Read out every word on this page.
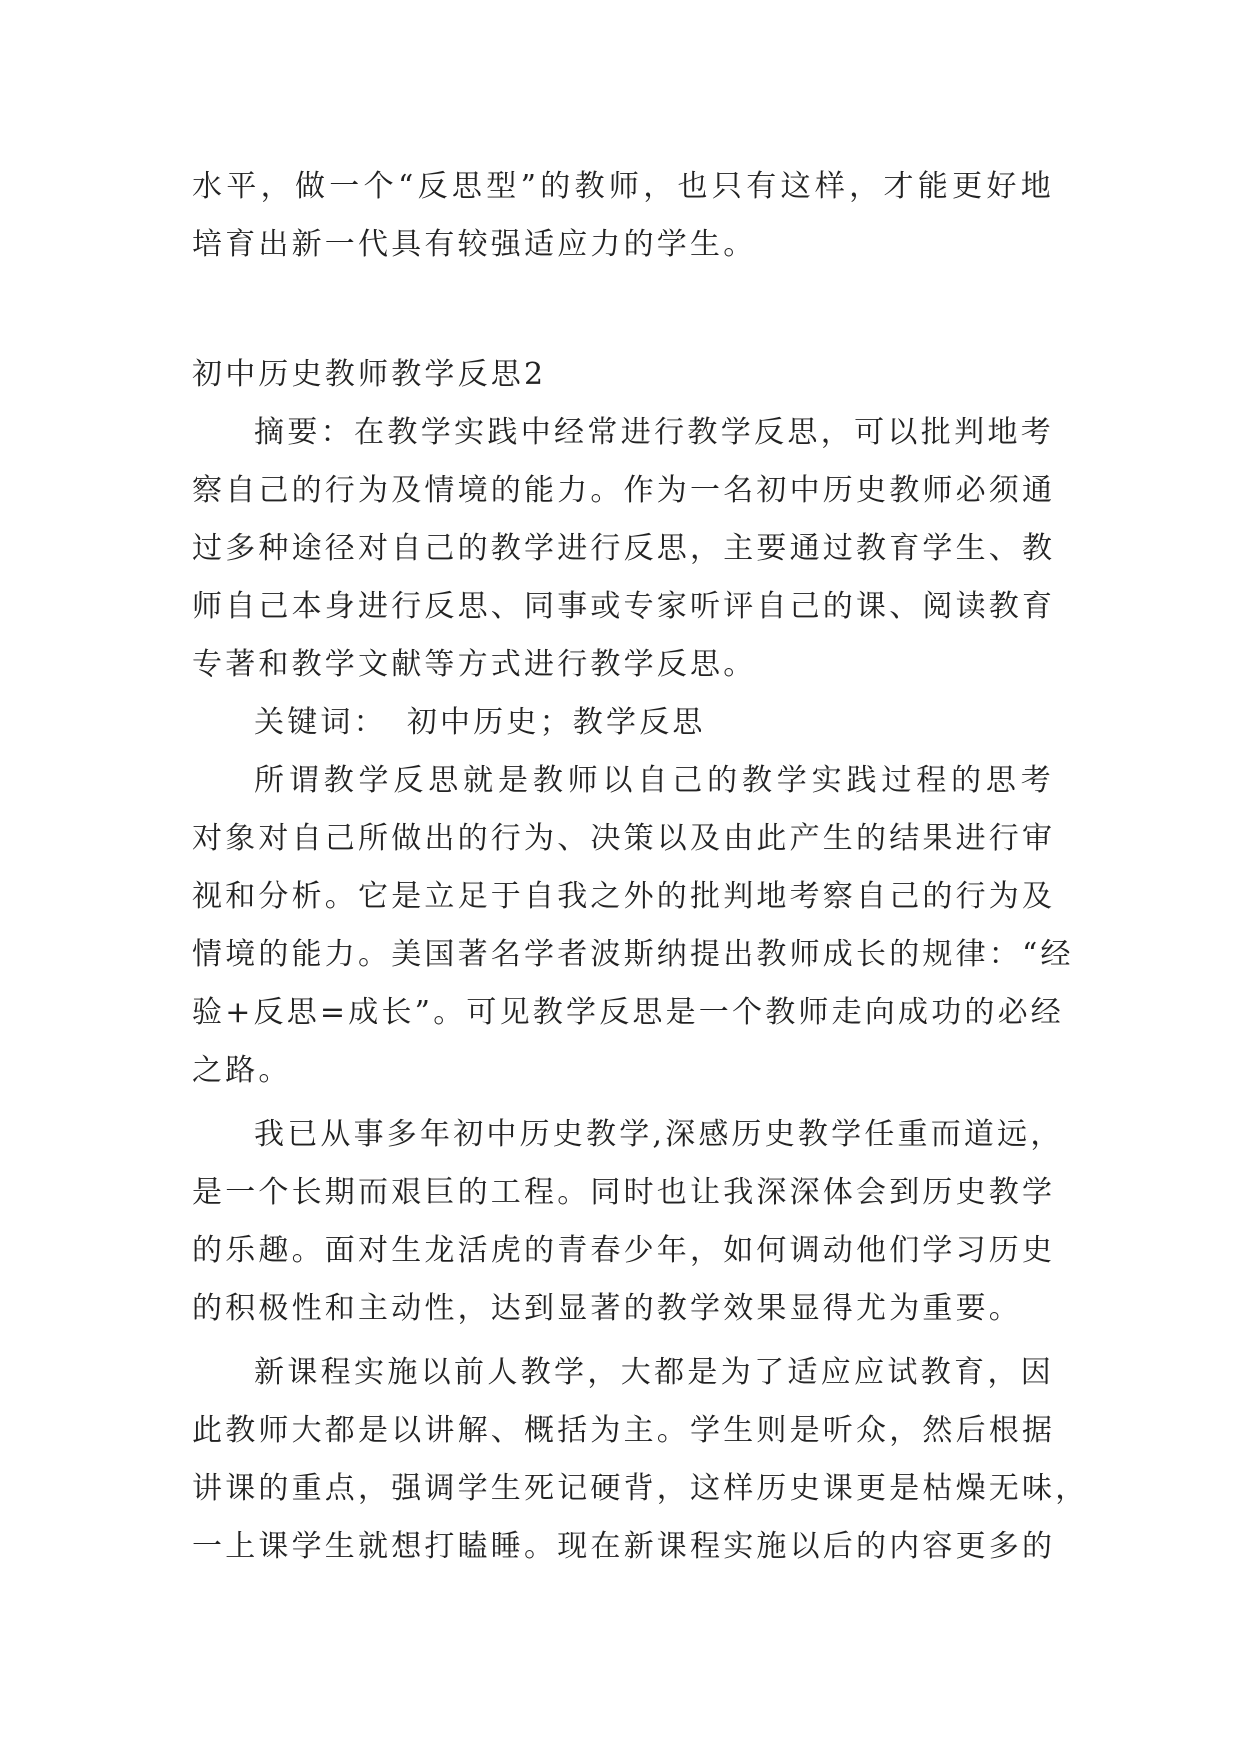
水平，做一个“反思型”的教师，也只有这样，才能更好地
培育出新一代具有较强适应力的学生。
初中历史教师教学反思2
摘要：在教学实践中经常进行教学反思，可以批判地考
察自己的行为及情境的能力。作为一名初中历史教师必须通
过多种途径对自己的教学进行反思，主要通过教育学生、教
师自己本身进行反思、同事或专家听评自己的课、阅读教育
专著和教学文献等方式进行教学反思。
关键词： 初中历史；教学反思
所谓教学反思就是教师以自己的教学实践过程的思考
对象对自己所做出的行为、决策以及由此产生的结果进行审
视和分析。它是立足于自我之外的批判地考察自己的行为及
情境的能力。美国著名学者波斯纳提出教师成长的规律：“经
验+反思=成长”。可见教学反思是一个教师走向成功的必经
之路。
我已从事多年初中历史教学,深感历史教学任重而道远，
是一个长期而艰巨的工程。同时也让我深深体会到历史教学
的乐趣。面对生龙活虎的青春少年，如何调动他们学习历史
的积极性和主动性，达到显著的教学效果显得尤为重要。
新课程实施以前人教学，大都是为了适应应试教育，因
此教师大都是以讲解、概括为主。学生则是听众，然后根据
讲课的重点，强调学生死记硬背，这样历史课更是枯燥无味，
一上课学生就想打瞌睡。现在新课程实施以后的内容更多的
